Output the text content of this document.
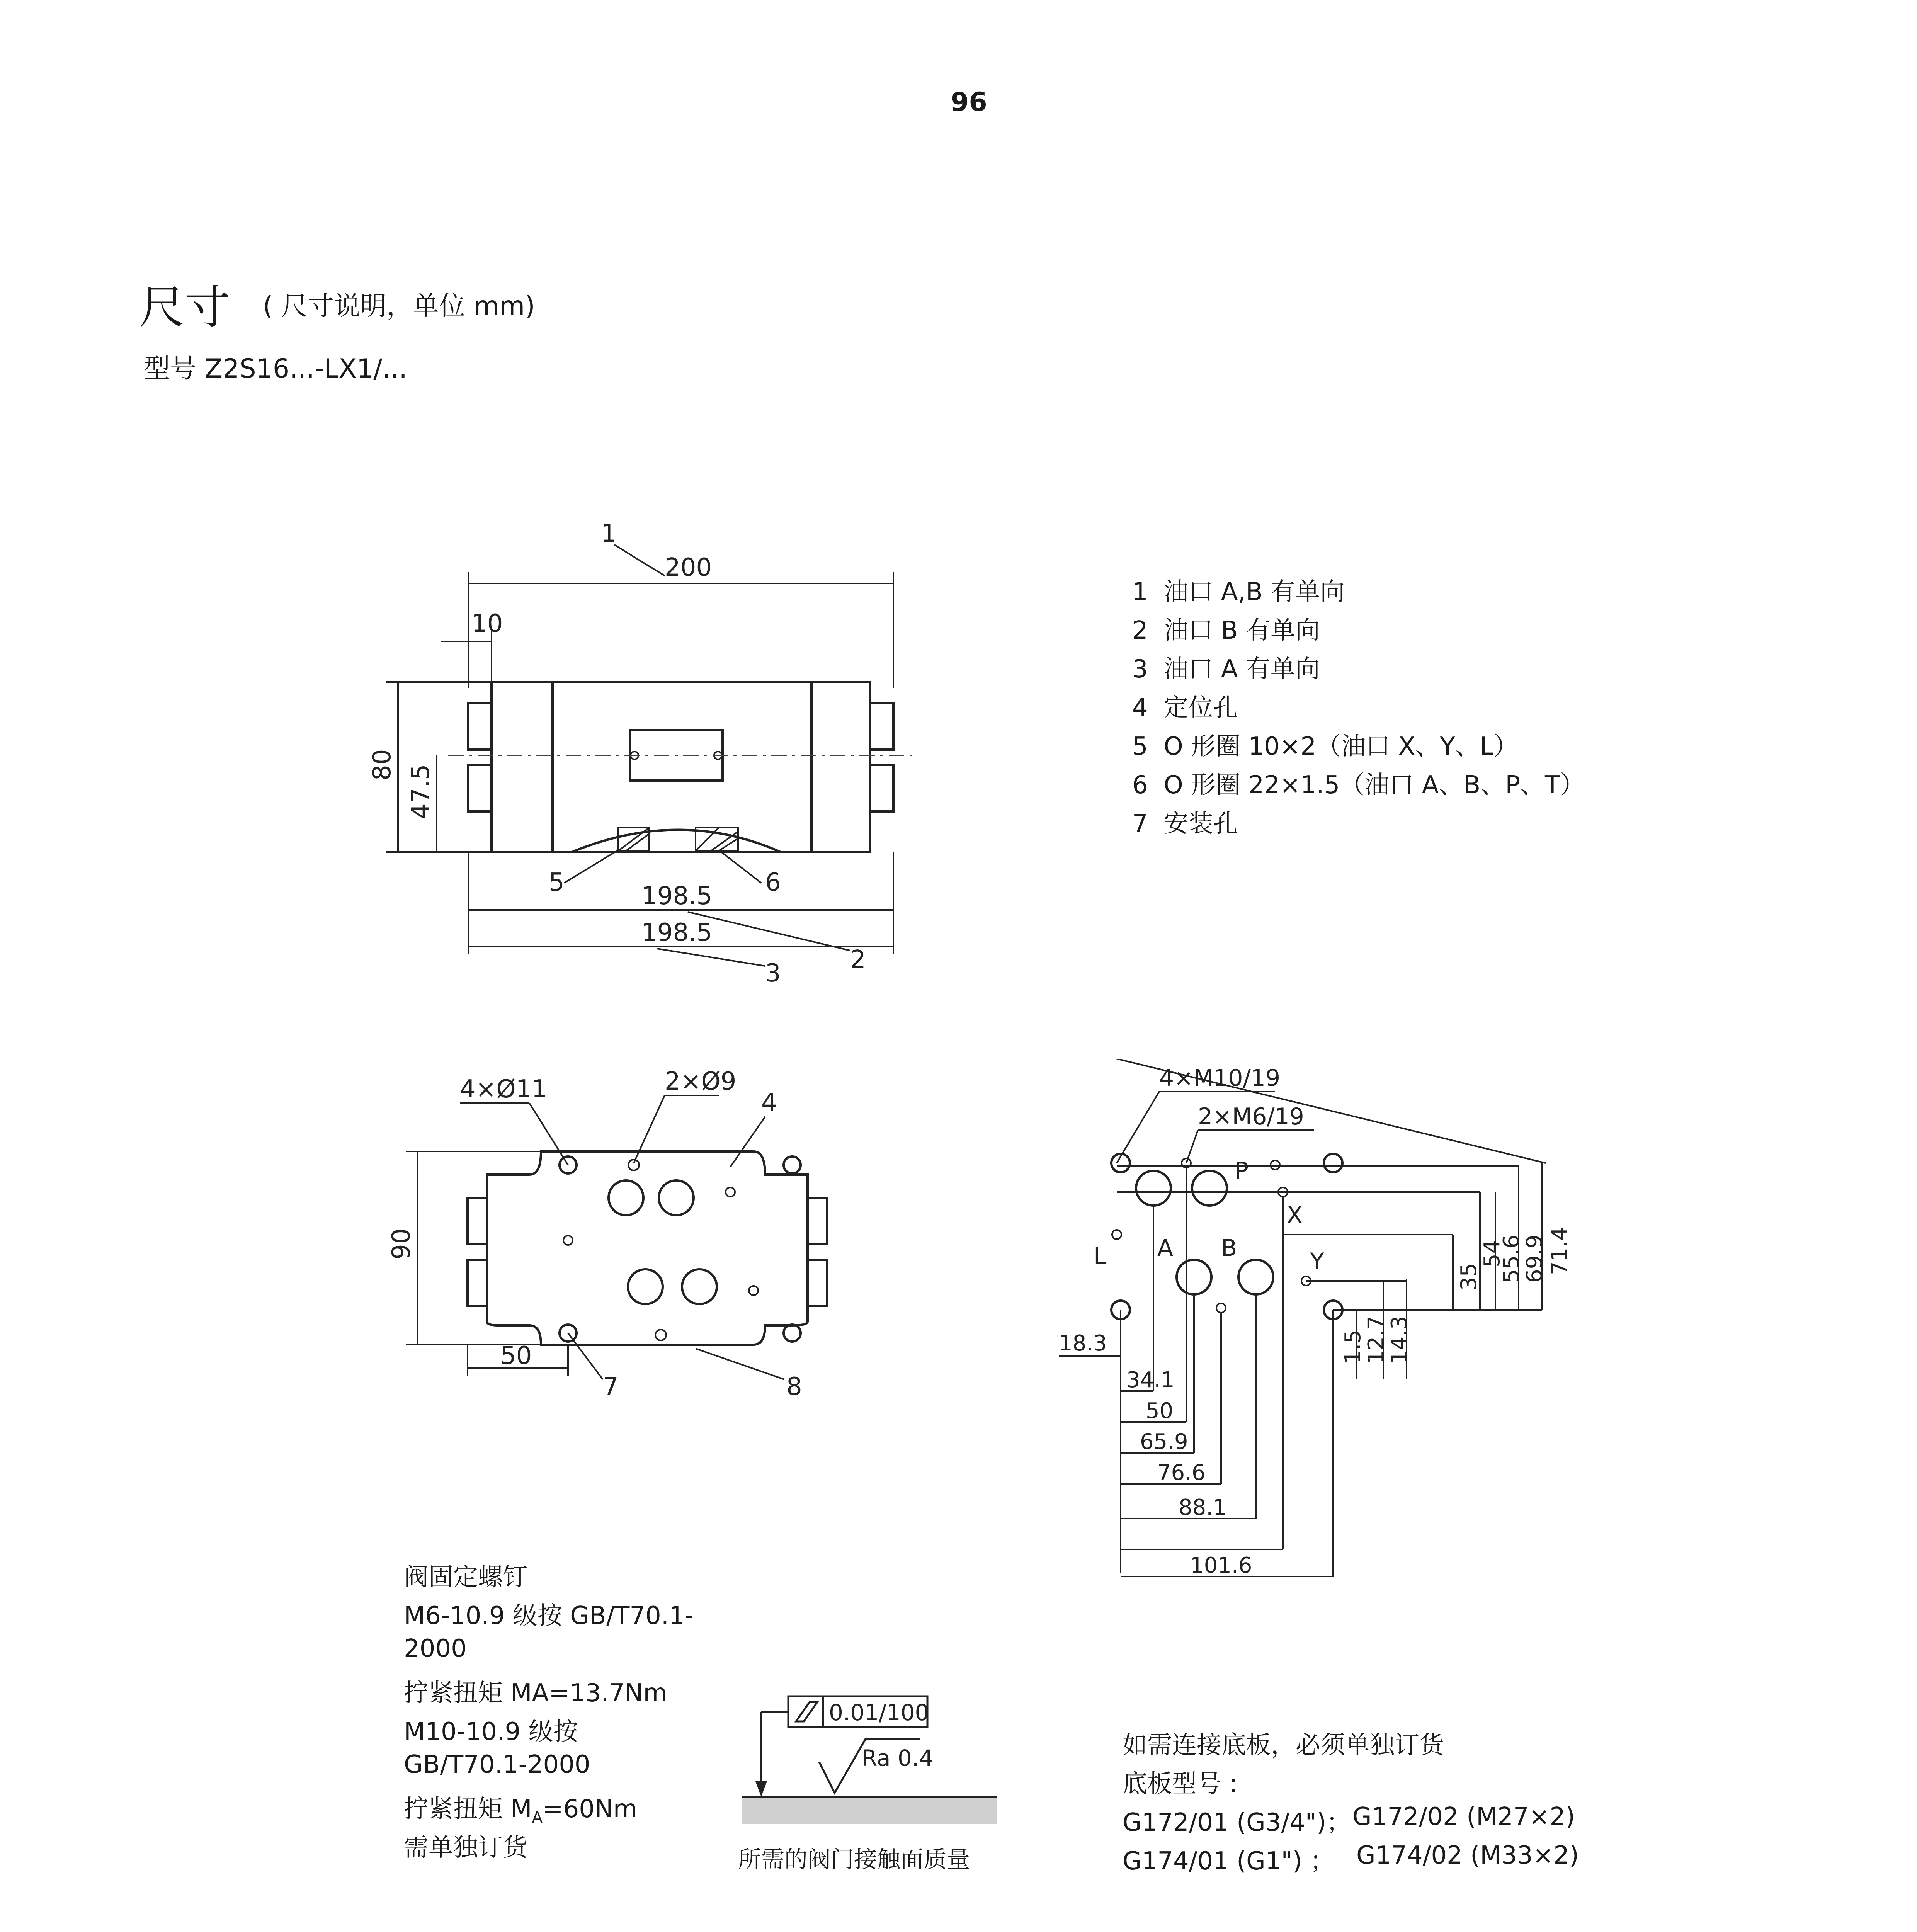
96
尺寸 ( 尺寸说明，单位 mm)
型号 Z2S16...-LX1/...
200
1
10
80 47.5
198.5
198.5
5	6
2
3
1 油口 A,B 有单向
2 油口 B 有单向
3 油口 A 有单向
4 定位孔
5 O 形圈 10×2（油口 X、Y、L）
6 O 形圈 22×1.5（油口 A、B、P、T）
7 安装孔
4×Ø11	2×Ø9
4
90
50
7	8
4×M10/19
2×M6/19
P
X
L A B	Y	71.4
69.9
55.6
54
35
14.3
12.7
1.5
18.3
34.1
50
65.9
76.6
88.1
101.6
阀固定螺钉
M6-10.9 级按 GB/T70.1-
2000
拧紧扭矩 MA=13.7Nm
M10-10.9 级按
GB/T70.1-2000
拧紧扭矩 $M_A=60Nm$
需单独订货
0.01/100
Ra 0.4
所需的阀门接触面质量
如需连接底板，必须单独订货
底板型号 :
G172/01 (G3/4")； G172/02 (M27×2)
G174/01 (G1") ； G174/02 (M33×2)
